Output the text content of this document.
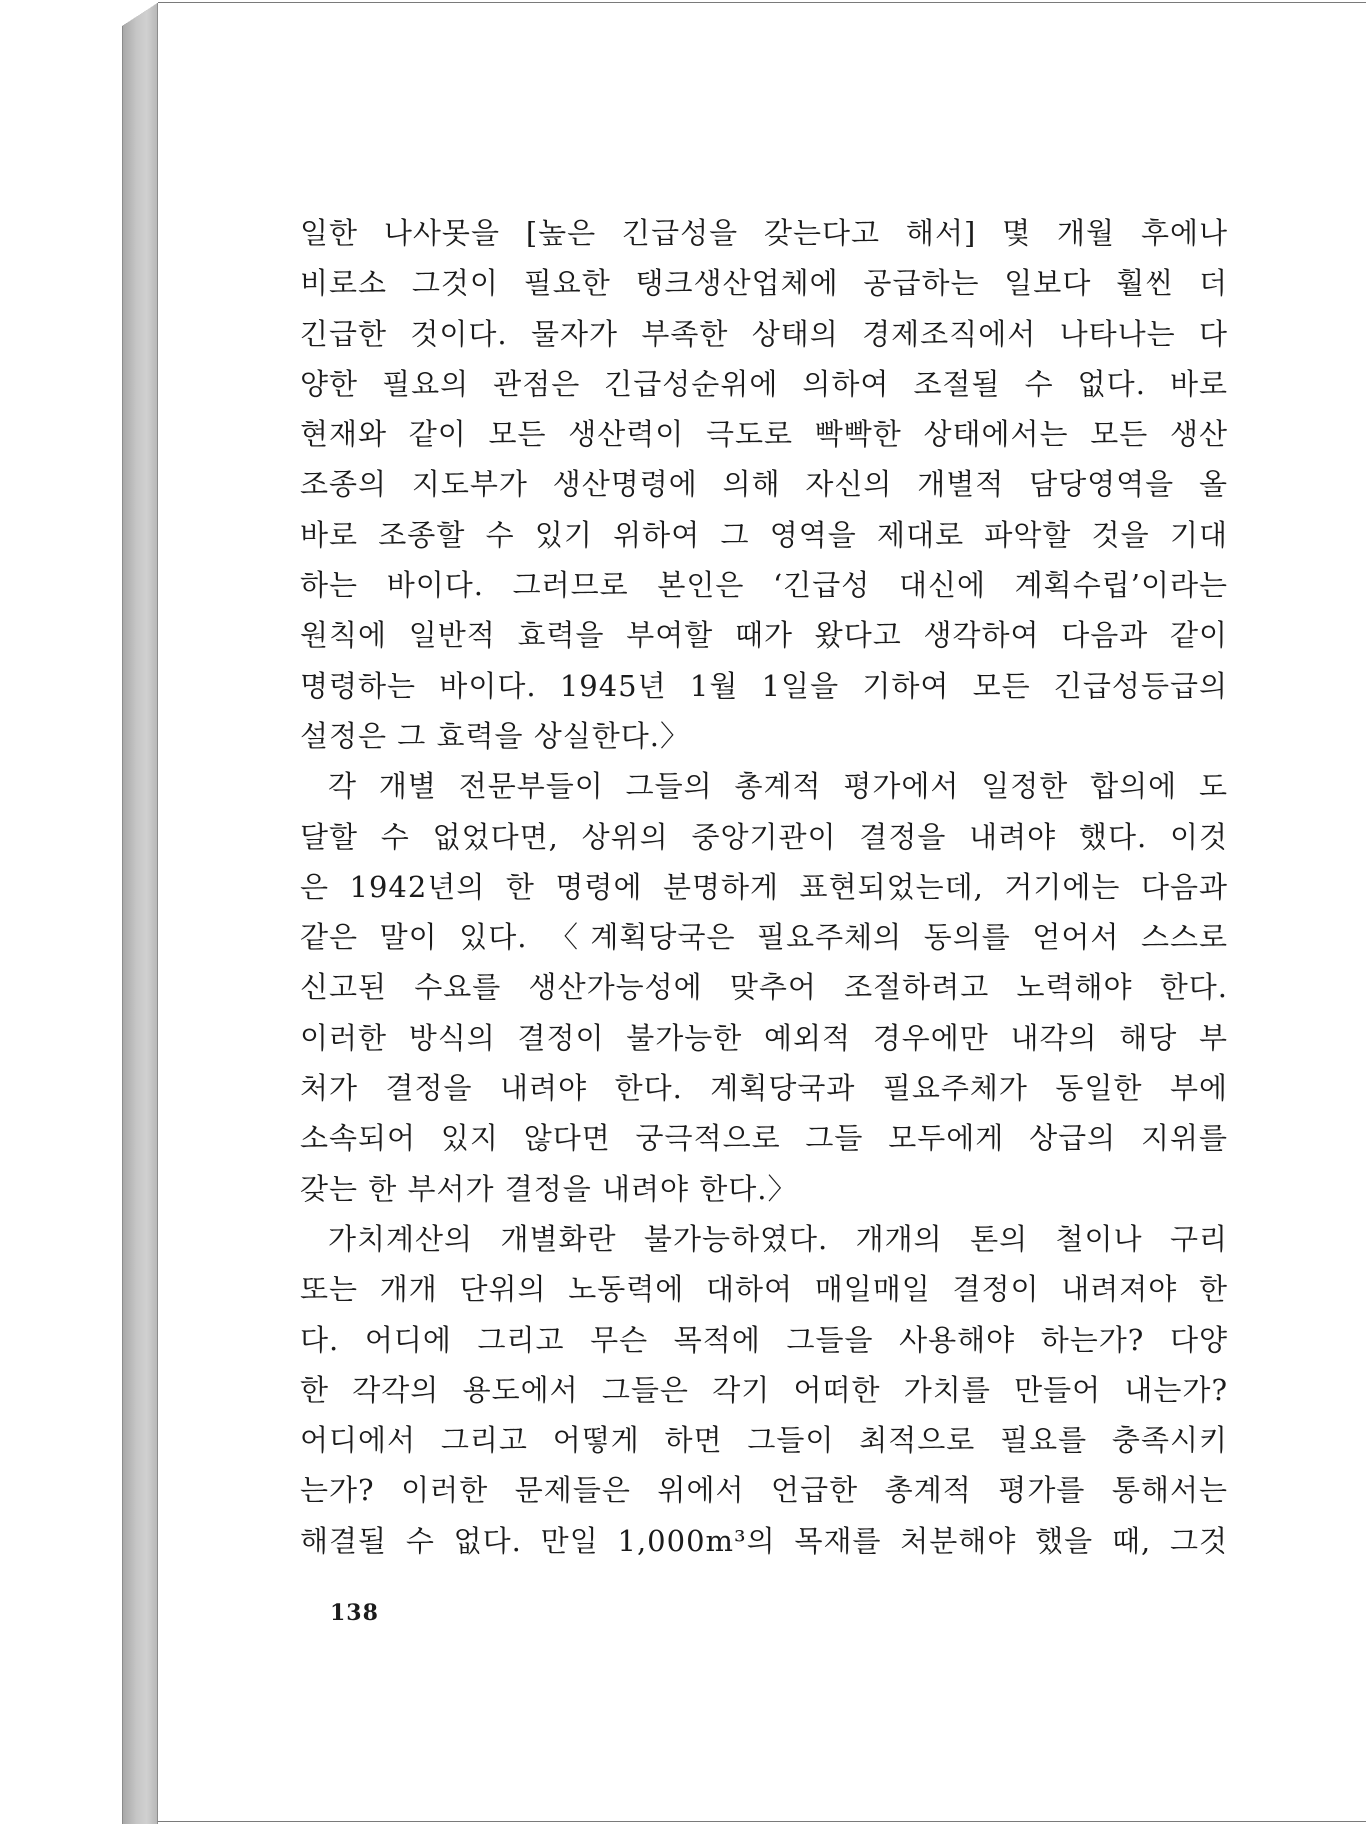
일한 나사못을 [높은 긴급성을 갖는다고 해서] 몇 개월 후에나
비로소 그것이 필요한 탱크생산업체에 공급하는 일보다 훨씬 더
긴급한 것이다. 물자가 부족한 상태의 경제조직에서 나타나는 다
양한 필요의 관점은 긴급성순위에 의하여 조절될 수 없다. 바로
현재와 같이 모든 생산력이 극도로 빡빡한 상태에서는 모든 생산
조종의 지도부가 생산명령에 의해 자신의 개별적 담당영역을 올
바로 조종할 수 있기 위하여 그 영역을 제대로 파악할 것을 기대
하는 바이다. 그러므로 본인은 ‘긴급성 대신에 계획수립’이라는
원칙에 일반적 효력을 부여할 때가 왔다고 생각하여 다음과 같이
명령하는 바이다. 1945년 1월 1일을 기하여 모든 긴급성등급의
설정은 그 효력을 상실한다.〉
각 개별 전문부들이 그들의 총계적 평가에서 일정한 합의에 도
달할 수 없었다면, 상위의 중앙기관이 결정을 내려야 했다. 이것
은 1942년의 한 명령에 분명하게 표현되었는데, 거기에는 다음과
같은 말이 있다. 〈계획당국은 필요주체의 동의를 얻어서 스스로
신고된 수요를 생산가능성에 맞추어 조절하려고 노력해야 한다.
이러한 방식의 결정이 불가능한 예외적 경우에만 내각의 해당 부
처가 결정을 내려야 한다. 계획당국과 필요주체가 동일한 부에
소속되어 있지 않다면 궁극적으로 그들 모두에게 상급의 지위를
갖는 한 부서가 결정을 내려야 한다.〉
가치계산의 개별화란 불가능하였다. 개개의 톤의 철이나 구리
또는 개개 단위의 노동력에 대하여 매일매일 결정이 내려져야 한
다. 어디에 그리고 무슨 목적에 그들을 사용해야 하는가? 다양
한 각각의 용도에서 그들은 각기 어떠한 가치를 만들어 내는가?
어디에서 그리고 어떻게 하면 그들이 최적으로 필요를 충족시키
는가? 이러한 문제들은 위에서 언급한 총계적 평가를 통해서는
해결될 수 없다. 만일 1,000m³의 목재를 처분해야 했을 때, 그것
138
